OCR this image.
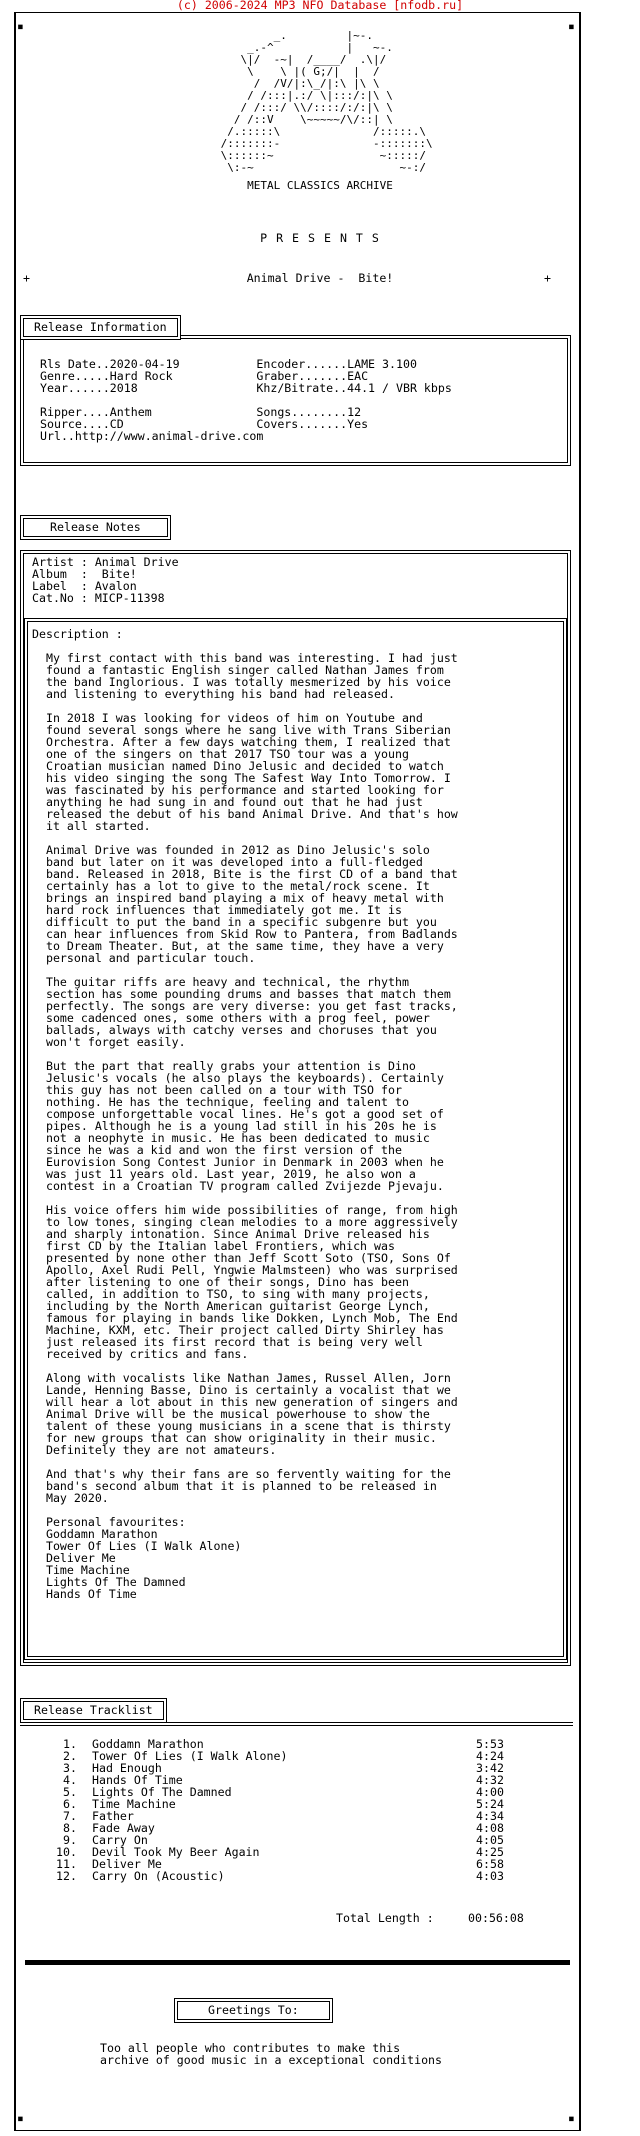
(c) 2006-2024 MP3 NFO Database [nfodb.ru]
▪	▪
▪	▪
_.         |~-.
_.-^           |   ~-.
\|/  -~|  /____/  .\|/
\    \ |( G;/|  |  /
/  /V/|:\_/|:\ |\ \
/ /:::|.:/ \|:::/:|\ \
/ /:::/ \\/::::/:/:|\ \
/ /::V    \~~~~~/\/::| \
/.:::::\              /:::::.\
/:::::::-              -:::::::\
\::::::~                ~:::::/
\:-~                      ~-:/
METAL CLASSICS ARCHIVE
P R E S E N T S
+	Animal Drive -  Bite!	+
Release Information
Rls Date..2020-04-19           Encoder......LAME 3.100
Genre.....Hard Rock            Graber.......EAC
Year......2018                 Khz/Bitrate..44.1 / VBR kbps

Ripper....Anthem               Songs........12
Source....CD                   Covers.......Yes
Url..http://www.animal-drive.com
Release Notes
Artist : Animal Drive
Album  :  Bite!
Label  : Avalon
Cat.No : MICP-11398
Description :
My first contact with this band was interesting. I had just
found a fantastic English singer called Nathan James from
the band Inglorious. I was totally mesmerized by his voice
and listening to everything his band had released.
In 2018 I was looking for videos of him on Youtube and
found several songs where he sang live with Trans Siberian
Orchestra. After a few days watching them, I realized that
one of the singers on that 2017 TSO tour was a young
Croatian musician named Dino Jelusic and decided to watch
his video singing the song The Safest Way Into Tomorrow. I
was fascinated by his performance and started looking for
anything he had sung in and found out that he had just
released the debut of his band Animal Drive. And that's how
it all started.
Animal Drive was founded in 2012 as Dino Jelusic's solo
band but later on it was developed into a full-fledged
band. Released in 2018, Bite is the first CD of a band that
certainly has a lot to give to the metal/rock scene. It
brings an inspired band playing a mix of heavy metal with
hard rock influences that immediately got me. It is
difficult to put the band in a specific subgenre but you
can hear influences from Skid Row to Pantera, from Badlands
to Dream Theater. But, at the same time, they have a very
personal and particular touch.
The guitar riffs are heavy and technical, the rhythm
section has some pounding drums and basses that match them
perfectly. The songs are very diverse: you get fast tracks,
some cadenced ones, some others with a prog feel, power
ballads, always with catchy verses and choruses that you
won't forget easily.
But the part that really grabs your attention is Dino
Jelusic's vocals (he also plays the keyboards). Certainly
this guy has not been called on a tour with TSO for
nothing. He has the technique, feeling and talent to
compose unforgettable vocal lines. He's got a good set of
pipes. Although he is a young lad still in his 20s he is
not a neophyte in music. He has been dedicated to music
since he was a kid and won the first version of the
Eurovision Song Contest Junior in Denmark in 2003 when he
was just 11 years old. Last year, 2019, he also won a
contest in a Croatian TV program called Zvijezde Pjevaju.
His voice offers him wide possibilities of range, from high
to low tones, singing clean melodies to a more aggressively
and sharply intonation. Since Animal Drive released his
first CD by the Italian label Frontiers, which was
presented by none other than Jeff Scott Soto (TSO, Sons Of
Apollo, Axel Rudi Pell, Yngwie Malmsteen) who was surprised
after listening to one of their songs, Dino has been
called, in addition to TSO, to sing with many projects,
including by the North American guitarist George Lynch,
famous for playing in bands like Dokken, Lynch Mob, The End
Machine, KXM, etc. Their project called Dirty Shirley has
just released its first record that is being very well
received by critics and fans.
Along with vocalists like Nathan James, Russel Allen, Jorn
Lande, Henning Basse, Dino is certainly a vocalist that we
will hear a lot about in this new generation of singers and
Animal Drive will be the musical powerhouse to show the
talent of these young musicians in a scene that is thirsty
for new groups that can show originality in their music.
Definitely they are not amateurs.
And that's why their fans are so fervently waiting for the
band's second album that it is planned to be released in
May 2020.
Personal favourites:
Goddamn Marathon
Tower Of Lies (I Walk Alone)
Deliver Me
Time Machine
Lights Of The Damned
Hands Of Time
Release Tracklist
1. Goddamn Marathon	5:53
2. Tower Of Lies (I Walk Alone)	4:24
3. Had Enough	3:42
4. Hands Of Time	4:32
5. Lights Of The Damned	4:00
6. Time Machine	5:24
7. Father	4:34
8. Fade Away	4:08
9. Carry On	4:05
10. Devil Took My Beer Again	4:25
11. Deliver Me	6:58
12. Carry On (Acoustic)	4:03
Total Length :	00:56:08
Greetings To:
Too all people who contributes to make this
archive of good music in a exceptional conditions
